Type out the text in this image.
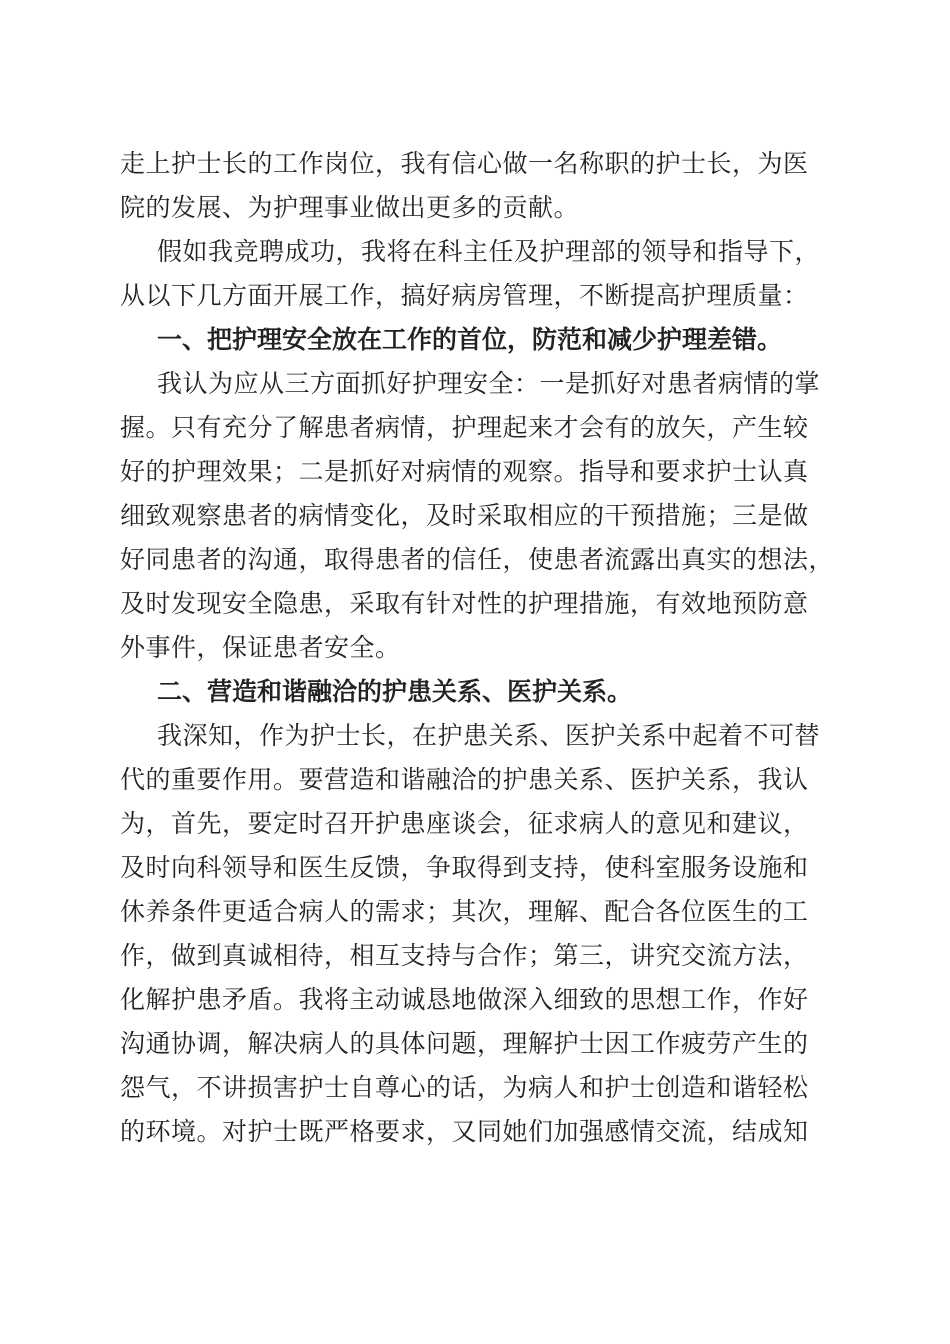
走上护士长的工作岗位，我有信心做一名称职的护士长，为医
院的发展、为护理事业做出更多的贡献。
假如我竞聘成功，我将在科主任及护理部的领导和指导下，
从以下几方面开展工作，搞好病房管理，不断提高护理质量：
一、把护理安全放在工作的首位，防范和减少护理差错。
我认为应从三方面抓好护理安全：一是抓好对患者病情的掌
握。只有充分了解患者病情，护理起来才会有的放矢，产生较
好的护理效果；二是抓好对病情的观察。指导和要求护士认真
细致观察患者的病情变化，及时采取相应的干预措施；三是做
好同患者的沟通，取得患者的信任，使患者流露出真实的想法，
及时发现安全隐患，采取有针对性的护理措施，有效地预防意
外事件，保证患者安全。
二、营造和谐融洽的护患关系、医护关系。
我深知，作为护士长，在护患关系、医护关系中起着不可替
代的重要作用。要营造和谐融洽的护患关系、医护关系，我认
为，首先，要定时召开护患座谈会，征求病人的意见和建议，
及时向科领导和医生反馈，争取得到支持，使科室服务设施和
休养条件更适合病人的需求；其次，理解、配合各位医生的工
作，做到真诚相待，相互支持与合作；第三，讲究交流方法，
化解护患矛盾。我将主动诚恳地做深入细致的思想工作，作好
沟通协调，解决病人的具体问题，理解护士因工作疲劳产生的
怨气，不讲损害护士自尊心的话，为病人和护士创造和谐轻松
的环境。对护士既严格要求，又同她们加强感情交流，结成知
